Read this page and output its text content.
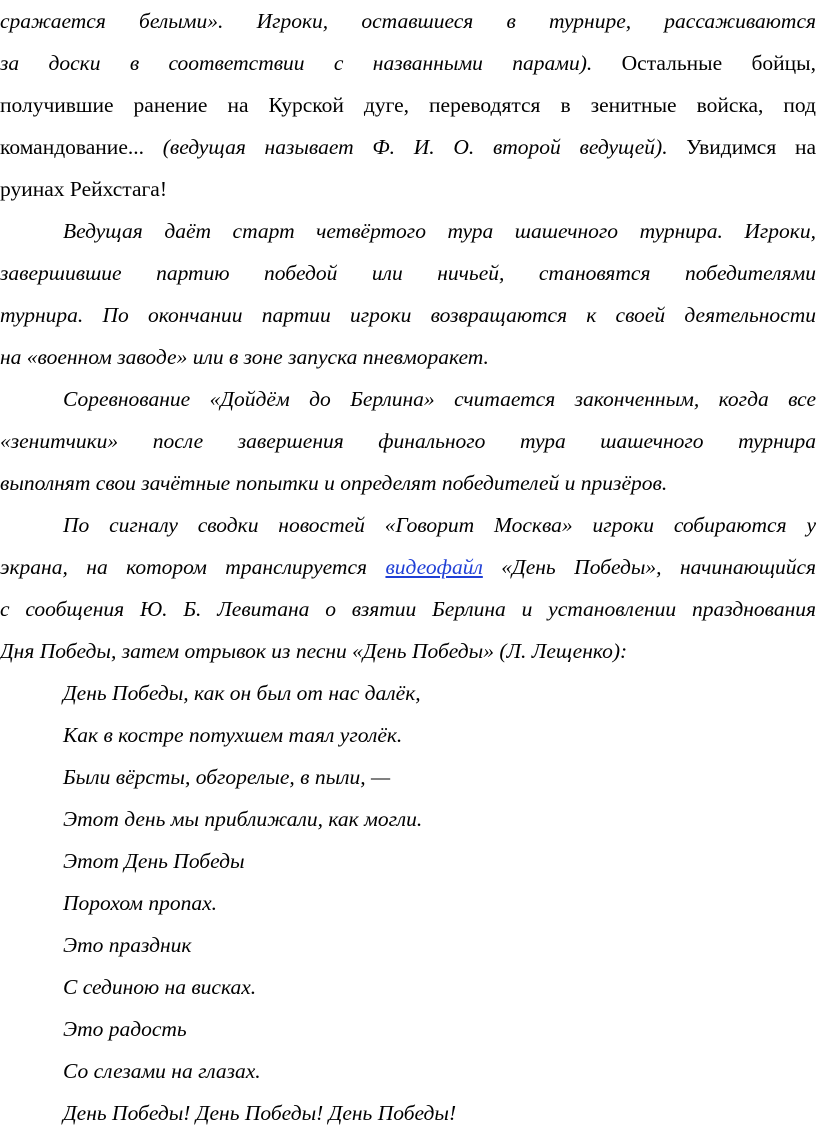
сражается белыми». Игроки, оставшиеся в турнире, рассаживаются
за доски в соответствии с названными парами). Остальные бойцы,
получившие ранение на Курской дуге, переводятся в зенитные войска, под
командование... (ведущая называет Ф. И. О. второй ведущей). Увидимся на
руинах Рейхстага!
Ведущая даёт старт четвёртого тура шашечного турнира. Игроки,
завершившие партию победой или ничьей, становятся победителями
турнира. По окончании партии игроки возвращаются к своей деятельности
на «военном заводе» или в зоне запуска пневморакет.
Соревнование «Дойдём до Берлина» считается законченным, когда все
«зенитчики» после завершения финального тура шашечного турнира
выполнят свои зачётные попытки и определят победителей и призёров.
По сигналу сводки новостей «Говорит Москва» игроки собираются у
экрана, на котором транслируется видеофайл «День Победы», начинающийся
с сообщения Ю. Б. Левитана о взятии Берлина и установлении празднования
Дня Победы, затем отрывок из песни «День Победы» (Л. Лещенко):
День Победы, как он был от нас далёк,
Как в костре потухшем таял уголёк.
Были вёрсты, обгорелые, в пыли, —
Этот день мы приближали, как могли.
Этот День Победы
Порохом пропах.
Это праздник
С сединою на висках.
Это радость
Со слезами на глазах.
День Победы! День Победы! День Победы!
